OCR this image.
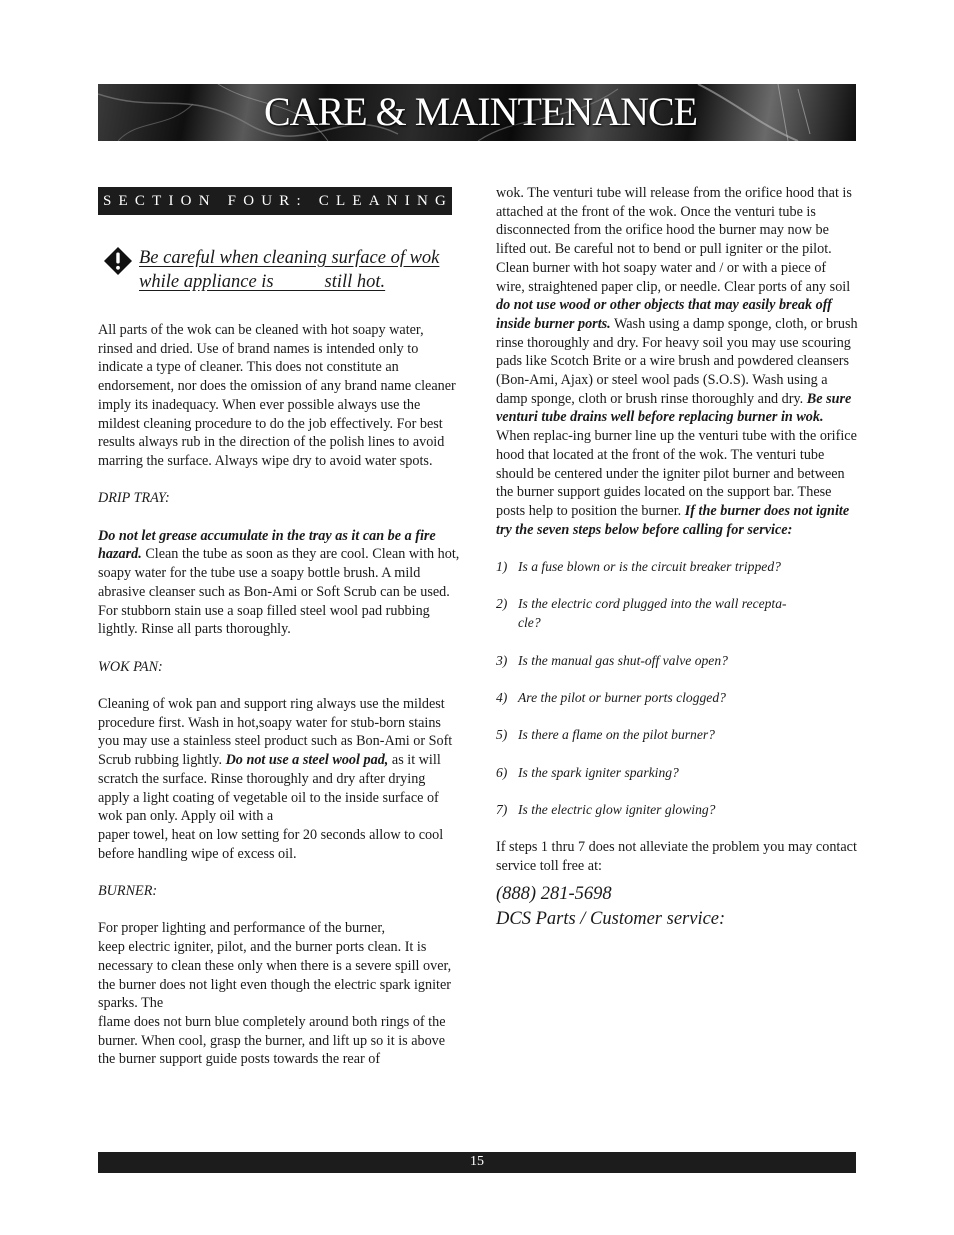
CARE & MAINTENANCE
SECTION FOUR: CLEANING
Be careful when cleaning surface of wok
while appliance is           still hot.

All parts of the wok can be cleaned with hot soapy water, rinsed and dried. Use of brand names is intended only to indicate a type of cleaner. This does not constitute an endorsement, nor does the omission of any brand name cleaner imply its inadequacy. When ever possible always use the mildest cleaning procedure to do the job effectively. For best results always rub in the direction of the polish lines to avoid marring the surface. Always wipe dry to avoid water spots.

DRIP TRAY:

Do not let grease accumulate in the tray as it can be a fire hazard. Clean the tube as soon as they are cool. Clean with hot, soapy water for the tube use a soapy bottle brush. A mild abrasive cleanser such as Bon-Ami or Soft Scrub can be used. For stubborn stain use a soap filled steel wool pad rubbing lightly. Rinse all parts thoroughly.

WOK PAN:

Cleaning of wok pan and support ring always use the mildest procedure first. Wash in hot,soapy water for stub-born stains you may use a stainless steel product such as Bon-Ami or Soft Scrub rubbing lightly. Do not use a steel wool pad, as it will

scratch the surface. Rinse thoroughly and dry after drying apply a light coating of vegetable oil to the inside surface of wok pan only. Apply oil with a

paper towel, heat on low setting for 20 seconds allow to cool before handling wipe of excess oil.

BURNER:

For proper lighting and performance of the burner,

keep electric igniter, pilot, and the burner ports clean. It is necessary to clean these only when there is a severe spill over, the burner does not light even though the electric spark igniter sparks. The

flame does not burn blue completely around both rings of the burner. When cool, grasp the burner, and lift up so it is above the burner support guide posts towards the rear of

wok. The venturi tube will release from the orifice hood that is attached at the front of the wok. Once the venturi tube is disconnected from the orifice hood the burner may now be lifted out. Be careful not to bend or pull igniter or the pilot. Clean burner with hot soapy water and / or with a piece of wire, straightened paper clip, or needle. Clear ports of any soil do not use wood or other objects that may easily break off inside burner ports. Wash using a damp sponge, cloth, or brush rinse thoroughly and dry. For heavy soil you may use scouring pads like Scotch Brite or a wire brush and powdered cleansers (Bon-Ami, Ajax) or steel wool pads (S.O.S). Wash using a damp sponge, cloth or brush rinse thoroughly and dry. Be sure venturi tube drains well before replacing burner in wok. When replac-ing burner line up the venturi tube with the orifice hood that located at the front of the wok. The venturi tube should be centered under the igniter pilot burner and between the burner support guides located on the support bar. These posts help to position the burner. If the burner does not ignite try the seven steps below before calling for service:

1) Is a fuse blown or is the circuit breaker tripped?

2) Is the electric cord plugged into the wall recepta-

cle?

3) Is the manual gas shut-off valve open?

4) Are the pilot or burner ports clogged?

5) Is there a flame on the pilot burner?

6) Is the spark igniter sparking?

7) Is the electric glow igniter glowing?

If steps 1 thru 7 does not alleviate the problem you may contact service toll free at:

(888) 281-5698
DCS Parts / Customer service:
15
